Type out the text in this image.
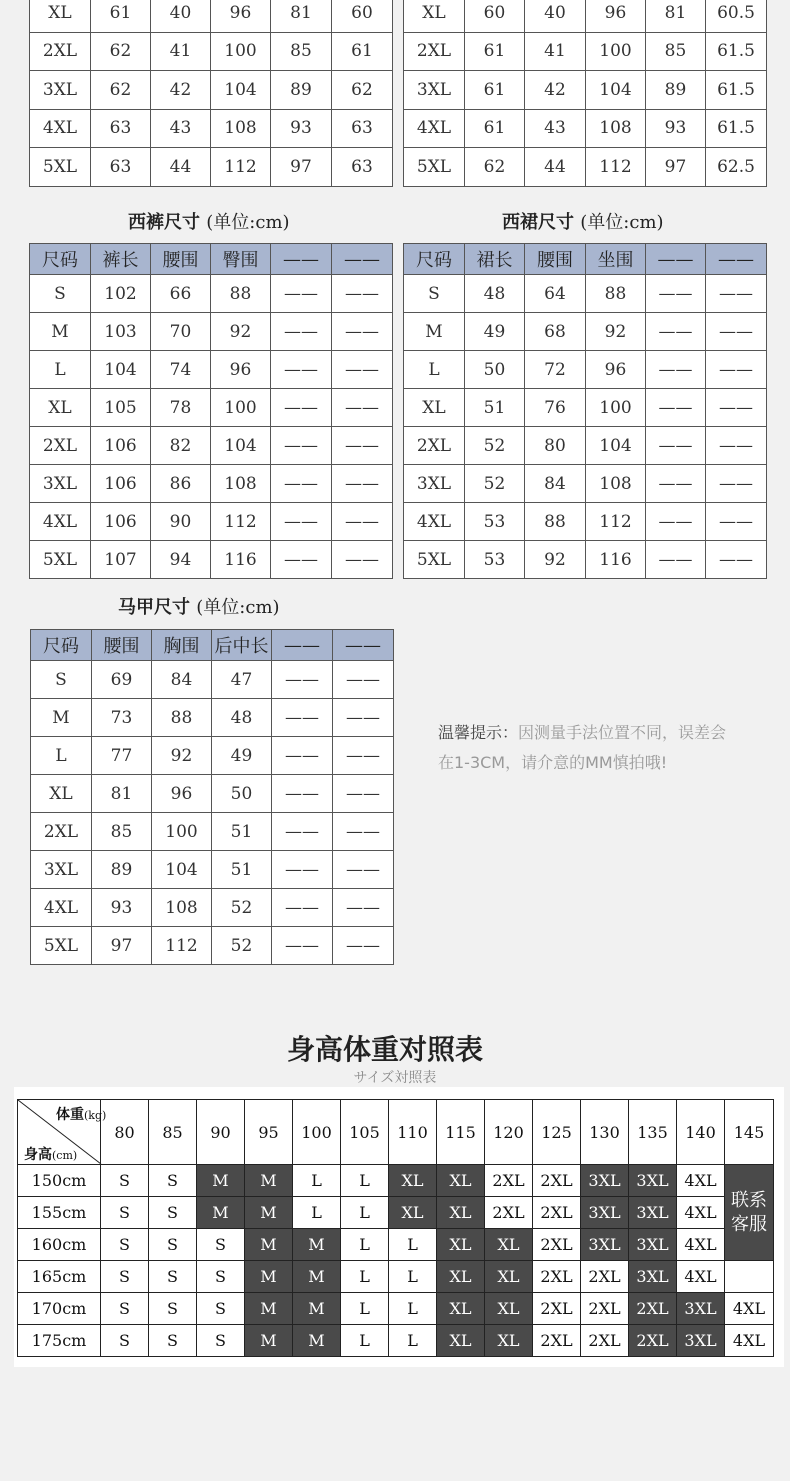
XL	61	40	96	81	60
2XL	62	41	100	85	61
3XL	62	42	104	89	62
4XL	63	43	108	93	63
5XL	63	44	112	97	63
XL	60	40	96	81	60.5
2XL	61	41	100	85	61.5
3XL	61	42	104	89	61.5
4XL	61	43	108	93	61.5
5XL	62	44	112	97	62.5
西裤尺寸 (单位:cm)
尺码	裤长	腰围	臀围	——	——
S	102	66	88	——	——
M	103	70	92	——	——
L	104	74	96	——	——
XL	105	78	100	——	——
2XL	106	82	104	——	——
3XL	106	86	108	——	——
4XL	106	90	112	——	——
5XL	107	94	116	——	——
西裙尺寸 (单位:cm)
尺码	裙长	腰围	坐围	——	——
S	48	64	88	——	——
M	49	68	92	——	——
L	50	72	96	——	——
XL	51	76	100	——	——
2XL	52	80	104	——	——
3XL	52	84	108	——	——
4XL	53	88	112	——	——
5XL	53	92	116	——	——
马甲尺寸 (单位:cm)
尺码	腰围	胸围	后中长	——	——
S	69	84	47	——	——
M	73	88	48	——	——
L	77	92	49	——	——
XL	81	96	50	——	——
2XL	85	100	51	——	——
3XL	89	104	51	——	——
4XL	93	108	52	——	——
5XL	97	112	52	——	——
温馨提示：因测量手法位置不同，误差会在1-3CM，请介意的MM慎拍哦!
身高体重对照表
サイズ対照表
体重(kg)
身高(cm)	80	85	90	95	100	105	110	115	120	125	130	135	140	145
150cm	S	S	M	M	L	L	XL	XL	2XL	2XL	3XL	3XL	4XL	联系客服
155cm	S	S	M	M	L	L	XL	XL	2XL	2XL	3XL	3XL	4XL	
160cm	S	S	S	M	M	L	L	XL	XL	2XL	3XL	3XL	4XL	
165cm	S	S	S	M	M	L	L	XL	XL	2XL	2XL	3XL	4XL	
170cm	S	S	S	M	M	L	L	XL	XL	2XL	2XL	2XL	3XL	4XL
175cm	S	S	S	M	M	L	L	XL	XL	2XL	2XL	2XL	3XL	4XL
